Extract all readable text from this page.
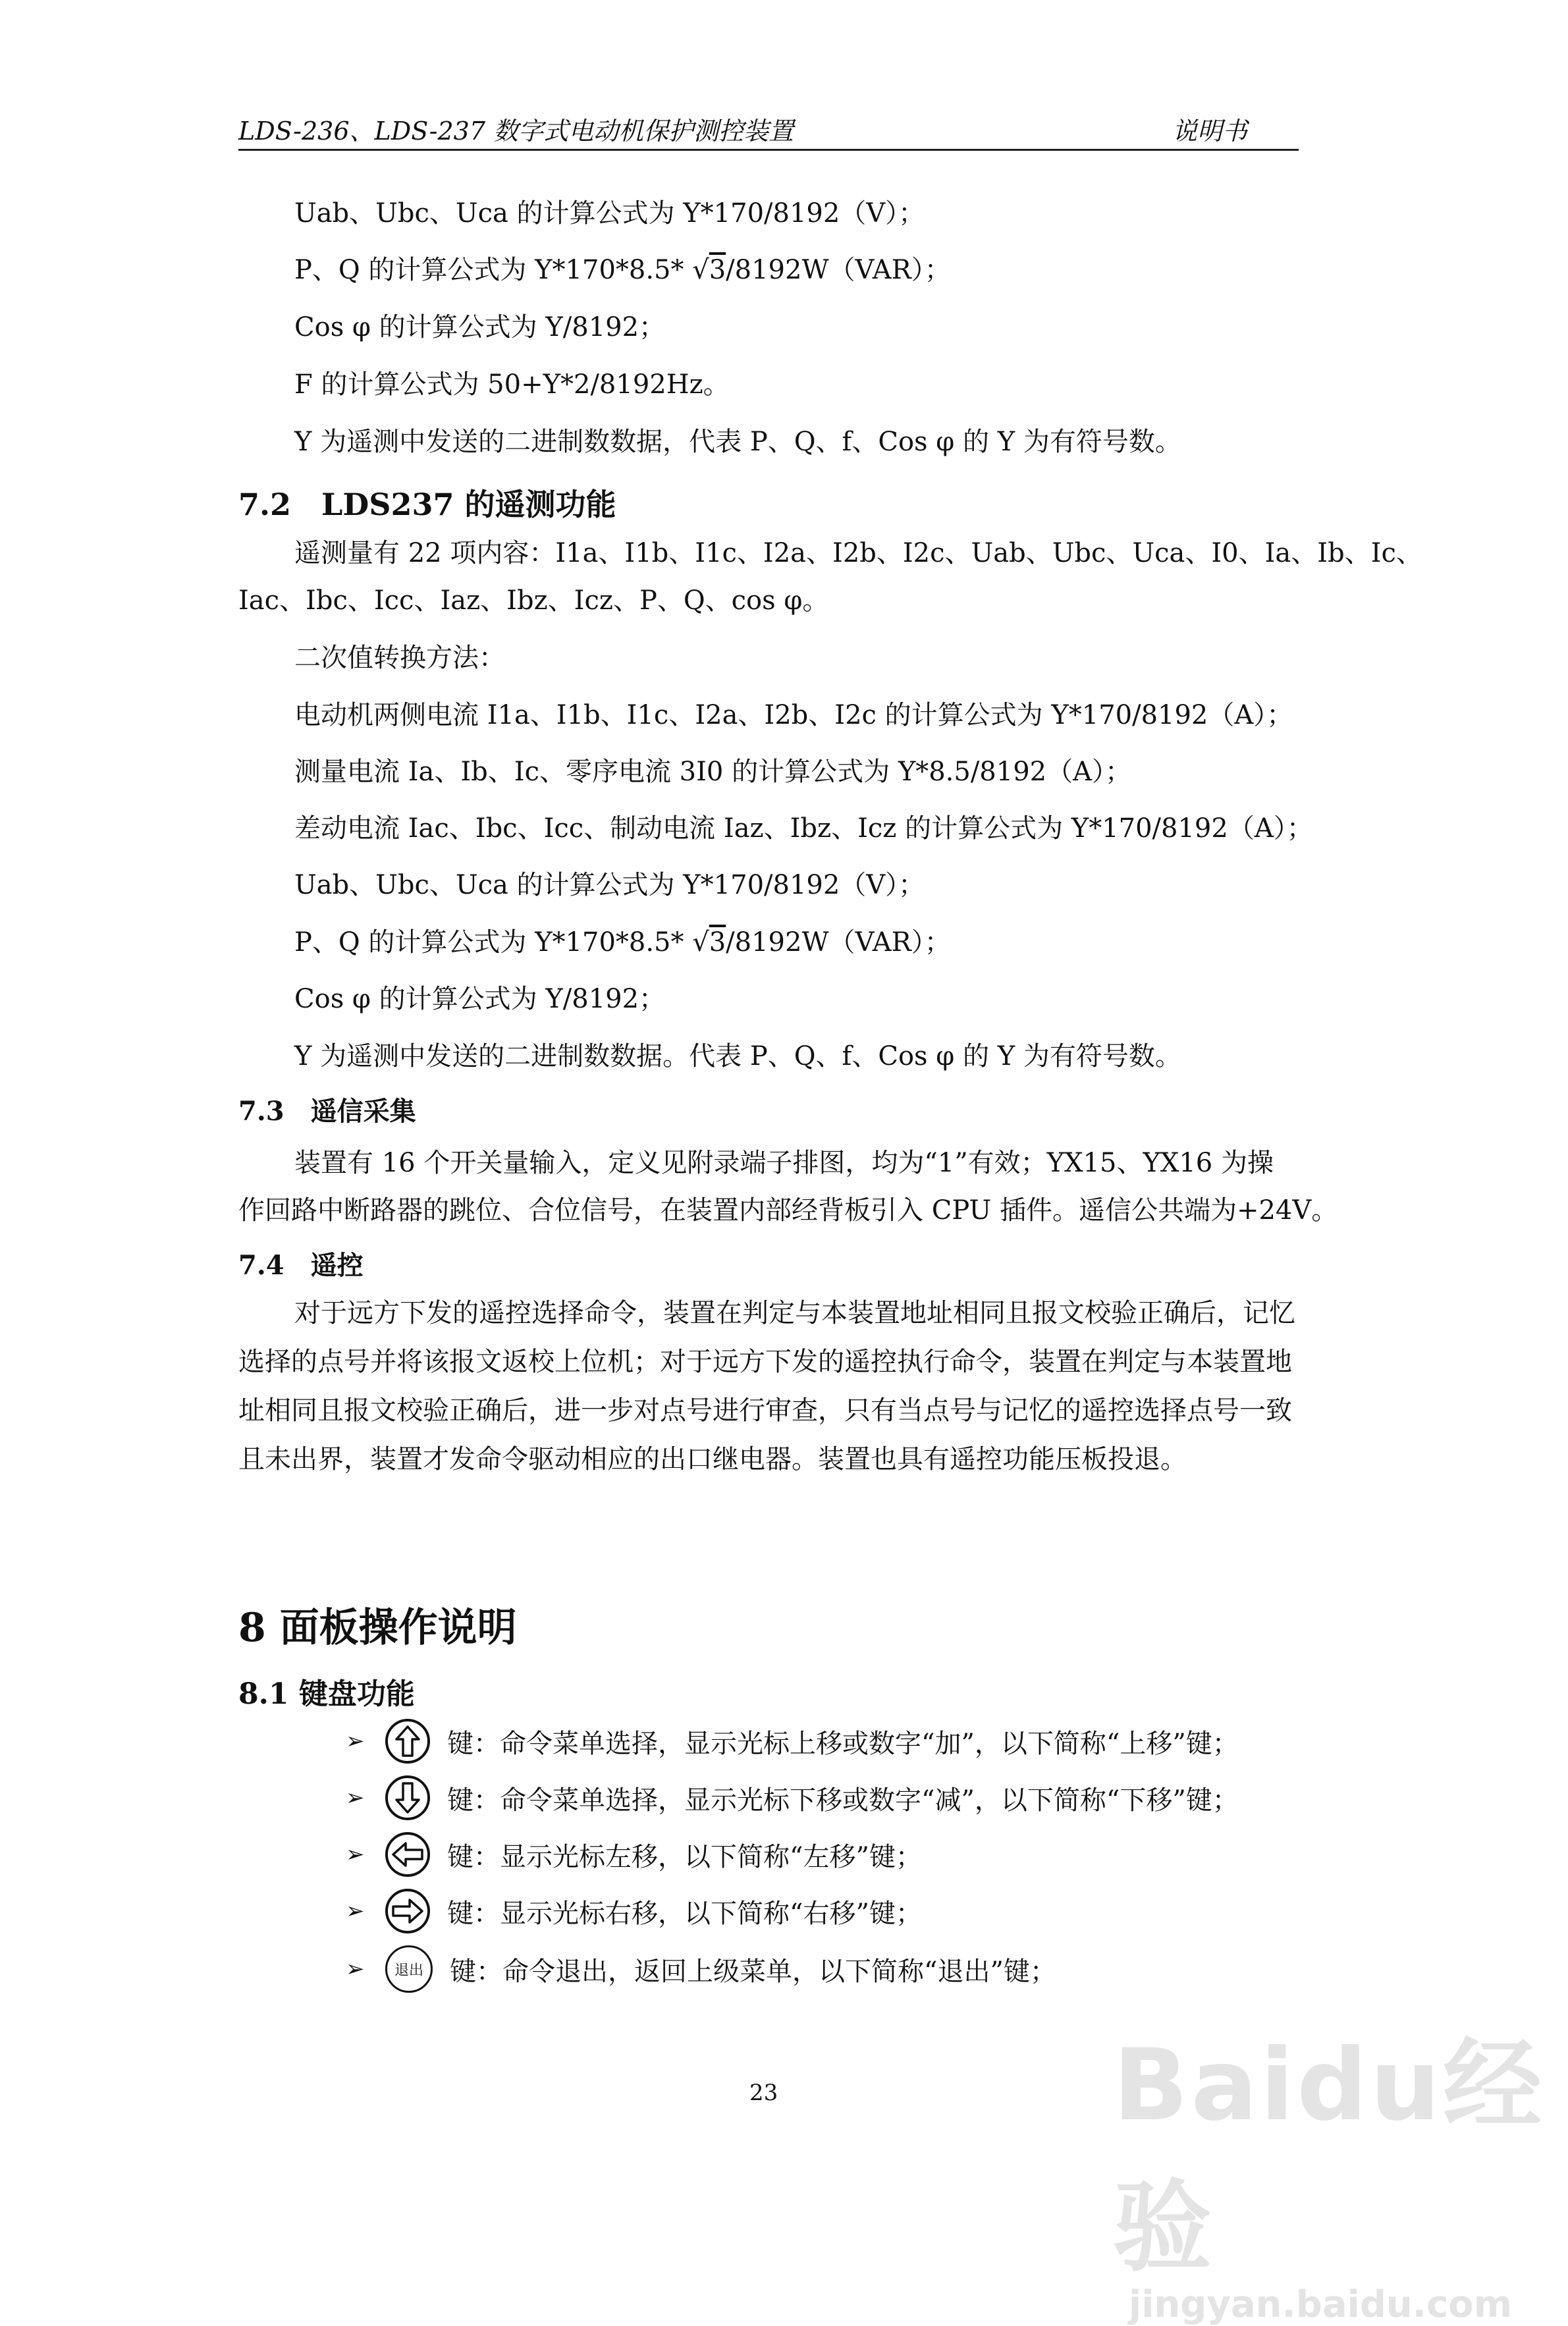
LDS-236、LDS-237 数字式电动机保护测控装置	说明书
Uab、Ubc、Uca 的计算公式为 Y*170/8192（V）；
P、Q 的计算公式为 Y*170*8.5* √3/8192W（VAR）；
Cos φ 的计算公式为 Y/8192；
F 的计算公式为 50+Y*2/8192Hz。
Y 为遥测中发送的二进制数数据，代表 P、Q、f、Cos φ 的 Y 为有符号数。
7.2　LDS237 的遥测功能
遥测量有 22 项内容：I1a、I1b、I1c、I2a、I2b、I2c、Uab、Ubc、Uca、I0、Ia、Ib、Ic、
Iac、Ibc、Icc、Iaz、Ibz、Icz、P、Q、cos φ。
二次值转换方法：
电动机两侧电流 I1a、I1b、I1c、I2a、I2b、I2c 的计算公式为 Y*170/8192（A）；
测量电流 Ia、Ib、Ic、零序电流 3I0 的计算公式为 Y*8.5/8192（A）；
差动电流 Iac、Ibc、Icc、制动电流 Iaz、Ibz、Icz 的计算公式为 Y*170/8192（A）；
Uab、Ubc、Uca 的计算公式为 Y*170/8192（V）；
P、Q 的计算公式为 Y*170*8.5* √3/8192W（VAR）；
Cos φ 的计算公式为 Y/8192；
Y 为遥测中发送的二进制数数据。代表 P、Q、f、Cos φ 的 Y 为有符号数。
7.3　遥信采集
装置有 16 个开关量输入，定义见附录端子排图，均为“1”有效；YX15、YX16 为操
作回路中断路器的跳位、合位信号，在装置内部经背板引入 CPU 插件。遥信公共端为+24V。
7.4　遥控
对于远方下发的遥控选择命令，装置在判定与本装置地址相同且报文校验正确后，记忆
选择的点号并将该报文返校上位机；对于远方下发的遥控执行命令，装置在判定与本装置地
址相同且报文校验正确后，进一步对点号进行审查，只有当点号与记忆的遥控选择点号一致
且未出界，装置才发命令驱动相应的出口继电器。装置也具有遥控功能压板投退。
8 面板操作说明
8.1 键盘功能
➢	键：命令菜单选择，显示光标上移或数字“加”，以下简称“上移”键；
➢	键：命令菜单选择，显示光标下移或数字“减”，以下简称“下移”键；
➢	键：显示光标左移，以下简称“左移”键；
➢	键：显示光标右移，以下简称“右移”键；
➢	退出 键：命令退出，返回上级菜单，以下简称“退出”键；
23	Baidu经验
jingyan.baidu.com
